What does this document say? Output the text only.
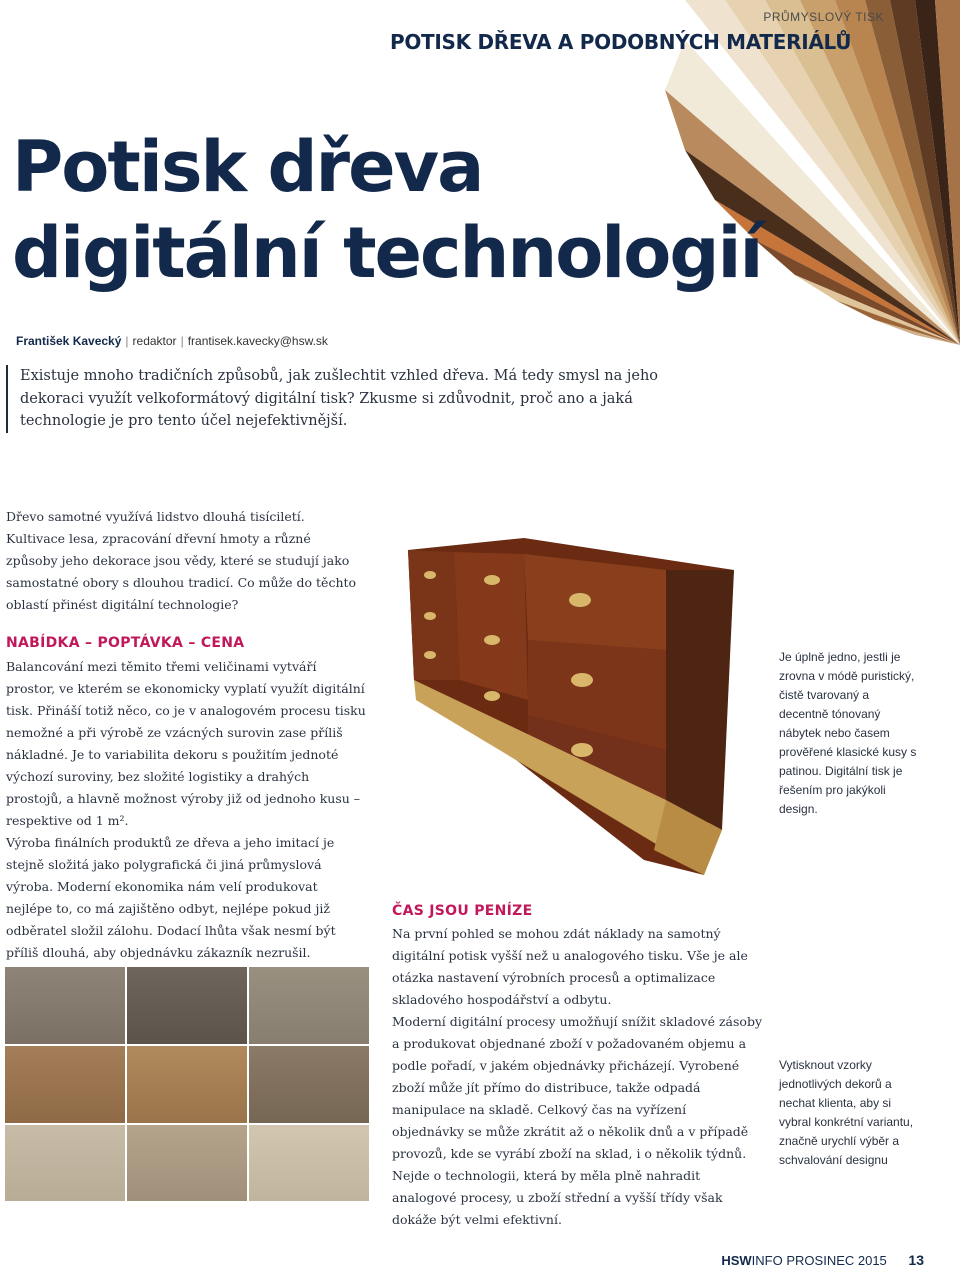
PRŮMYSLOVÝ TISK
POTISK DŘEVA A PODOBNÝCH MATERIÁLŮ
Potisk dřeva
digitální technologií
František Kavecký | redaktor | frantisek.kavecky@hsw.sk
Existuje mnoho tradičních způsobů, jak zušlechtit vzhled dřeva. Má tedy smysl na jeho dekoraci využít velkoformátový digitální tisk? Zkusme si zdůvodnit, proč ano a jaká technologie je pro tento účel nejefektivnější.

Dřevo samotné využívá lidstvo dlouhá tisíciletí. Kultivace lesa, zpracování dřevní hmoty a různé způsoby jeho dekorace jsou vědy, které se studují jako samostatné obory s dlouhou tradicí. Co může do těchto oblastí přinést digitální technologie?

NABÍDKA – POPTÁVKA – CENA

Balancování mezi těmito třemi veličinami vytváří prostor, ve kterém se ekonomicky vyplatí využít digitální tisk. Přináší totiž něco, co je v analogovém procesu tisku nemožné a při výrobě ze vzácných surovin zase příliš nákladné. Je to variabilita dekoru s použitím jednoté výchozí suroviny, bez složité logistiky a drahých prostojů, a hlavně možnost výroby již od jednoho kusu – respektive od 1 m².

Výroba finálních produktů ze dřeva a jeho imitací je stejně složitá jako polygrafická či jiná průmyslová výroba. Moderní ekonomika nám velí produkovat nejlépe to, co má zajištěno odbyt, nejlépe pokud již odběratel složil zálohu. Dodací lhůta však nesmí být příliš dlouhá, aby objednávku zákazník nezrušil.

Je úplně jedno, jestli je zrovna v módě puristický, čistě tvarovaný a decentně tónovaný nábytek nebo časem prověřené klasické kusy s patinou. Digitální tisk je řešením pro jakýkoli design.
ČAS JSOU PENÍZE

Na první pohled se mohou zdát náklady na samotný digitální potisk vyšší než u analogového tisku. Vše je ale otázka nastavení výrobních procesů a optimalizace skladového hospodářství a odbytu.

Moderní digitální procesy umožňují snížit skladové zásoby a produkovat objednané zboží v požadovaném objemu a podle pořadí, v jakém objednávky přicházejí. Vyrobené zboží může jít přímo do distribuce, takže odpadá manipulace na skladě. Celkový čas na vyřízení objednávky se může zkrátit až o několik dnů a v případě provozů, kde se vyrábí zboží na sklad, i o několik týdnů. Nejde o technologii, která by měla plně nahradit analogové procesy, u zboží střední a vyšší třídy však dokáže být velmi efektivní.

Vytisknout vzorky jednotlivých dekorů a nechat klienta, aby si vybral konkrétní variantu, značně urychlí výběr a schvalování designu
HSWINFO PROSINEC 2015 13
